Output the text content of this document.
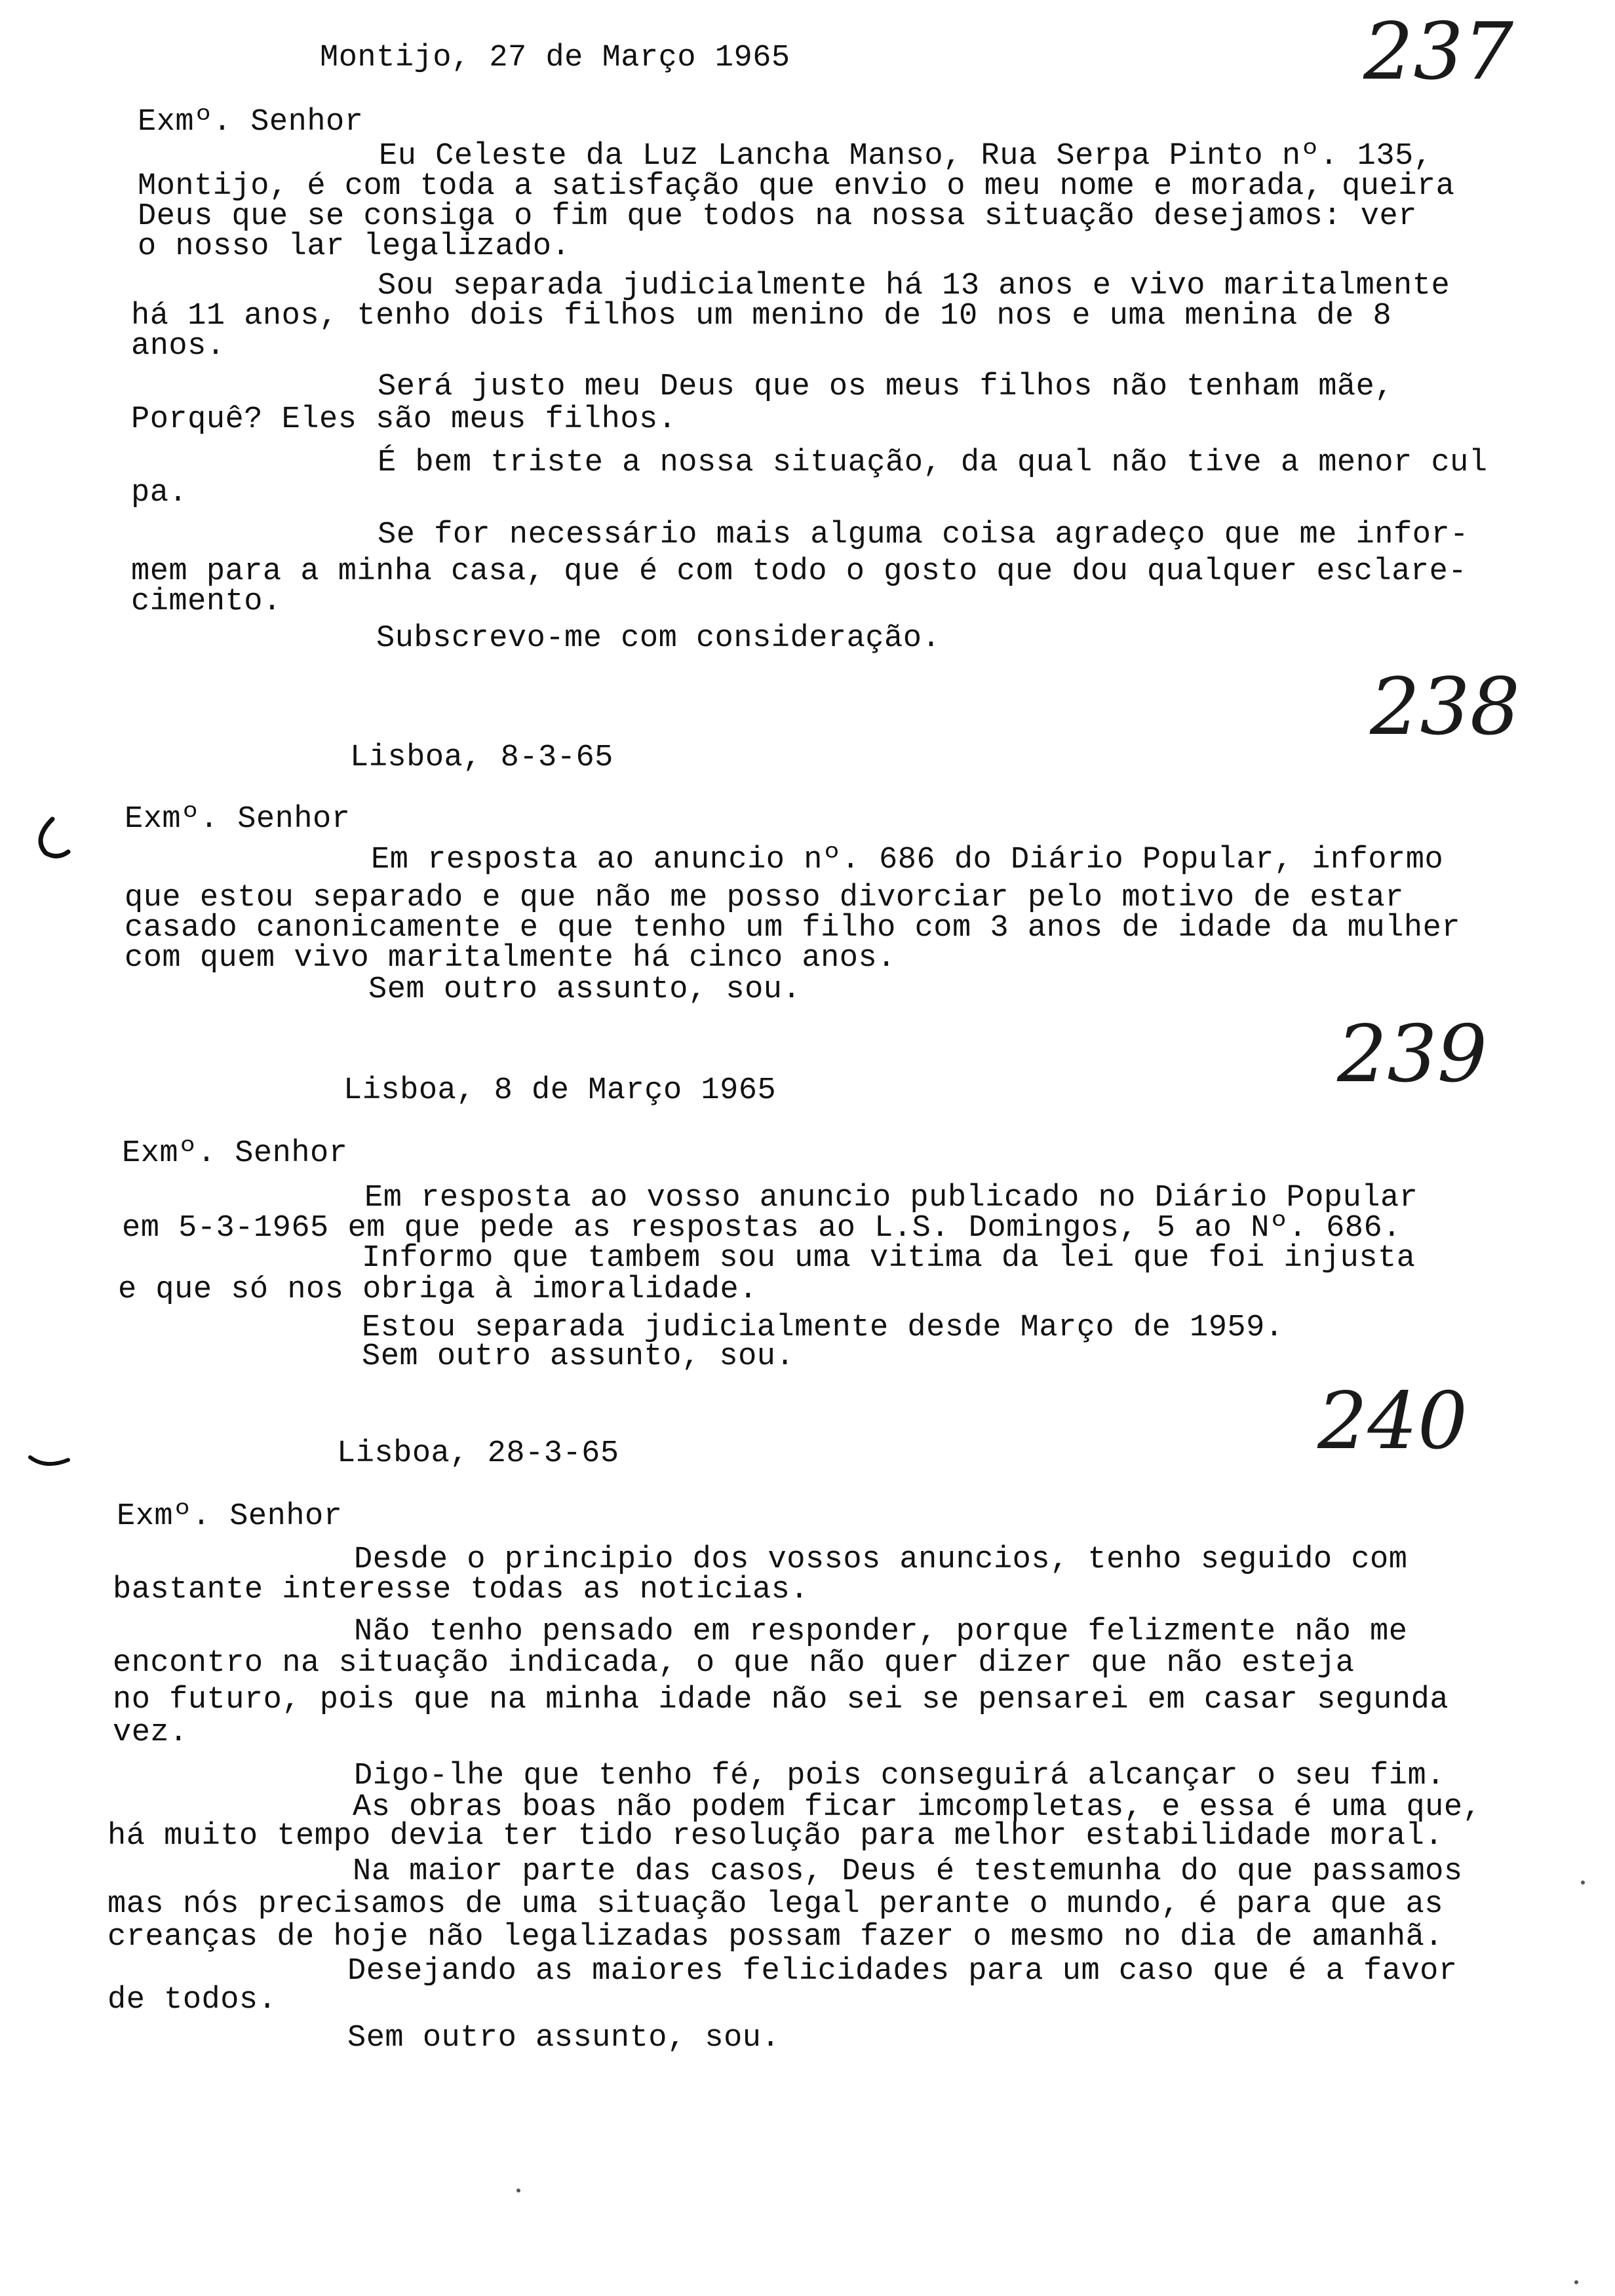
237
Montijo, 27 de Março 1965
Exmº. Senhor
Eu Celeste da Luz Lancha Manso, Rua Serpa Pinto nº. 135,
Montijo, é com toda a satisfação que envio o meu nome e morada, queira
Deus que se consiga o fim que todos na nossa situação desejamos: ver
o nosso lar legalizado.
Sou separada judicialmente há 13 anos e vivo maritalmente
há 11 anos, tenho dois filhos um menino de 10 nos e uma menina de 8
anos.
Será justo meu Deus que os meus filhos não tenham mãe,
Porquê? Eles são meus filhos.
É bem triste a nossa situação, da qual não tive a menor cul
pa.
Se for necessário mais alguma coisa agradeço que me infor-
mem para a minha casa, que é com todo o gosto que dou qualquer esclare-
cimento.
Subscrevo-me com consideração.
238
Lisboa, 8-3-65
Exmº. Senhor
Em resposta ao anuncio nº. 686 do Diário Popular, informo
que estou separado e que não me posso divorciar pelo motivo de estar
casado canonicamente e que tenho um filho com 3 anos de idade da mulher
com quem vivo maritalmente há cinco anos.
Sem outro assunto, sou.
239
Lisboa, 8 de Março 1965
Exmº. Senhor
Em resposta ao vosso anuncio publicado no Diário Popular
em 5-3-1965 em que pede as respostas ao L.S. Domingos, 5 ao Nº. 686.
Informo que tambem sou uma vitima da lei que foi injusta
e que só nos obriga à imoralidade.
Estou separada judicialmente desde Março de 1959.
Sem outro assunto, sou.
240
Lisboa, 28-3-65
Exmº. Senhor
Desde o principio dos vossos anuncios, tenho seguido com
bastante interesse todas as noticias.
Não tenho pensado em responder, porque felizmente não me
encontro na situação indicada, o que não quer dizer que não esteja
no futuro, pois que na minha idade não sei se pensarei em casar segunda
vez.
Digo-lhe que tenho fé, pois conseguirá alcançar o seu fim.
As obras boas não podem ficar imcompletas, e essa é uma que,
há muito tempo devia ter tido resolução para melhor estabilidade moral.
Na maior parte das casos, Deus é testemunha do que passamos
mas nós precisamos de uma situação legal perante o mundo, é para que as
creanças de hoje não legalizadas possam fazer o mesmo no dia de amanhã.
Desejando as maiores felicidades para um caso que é a favor
de todos.
Sem outro assunto, sou.
